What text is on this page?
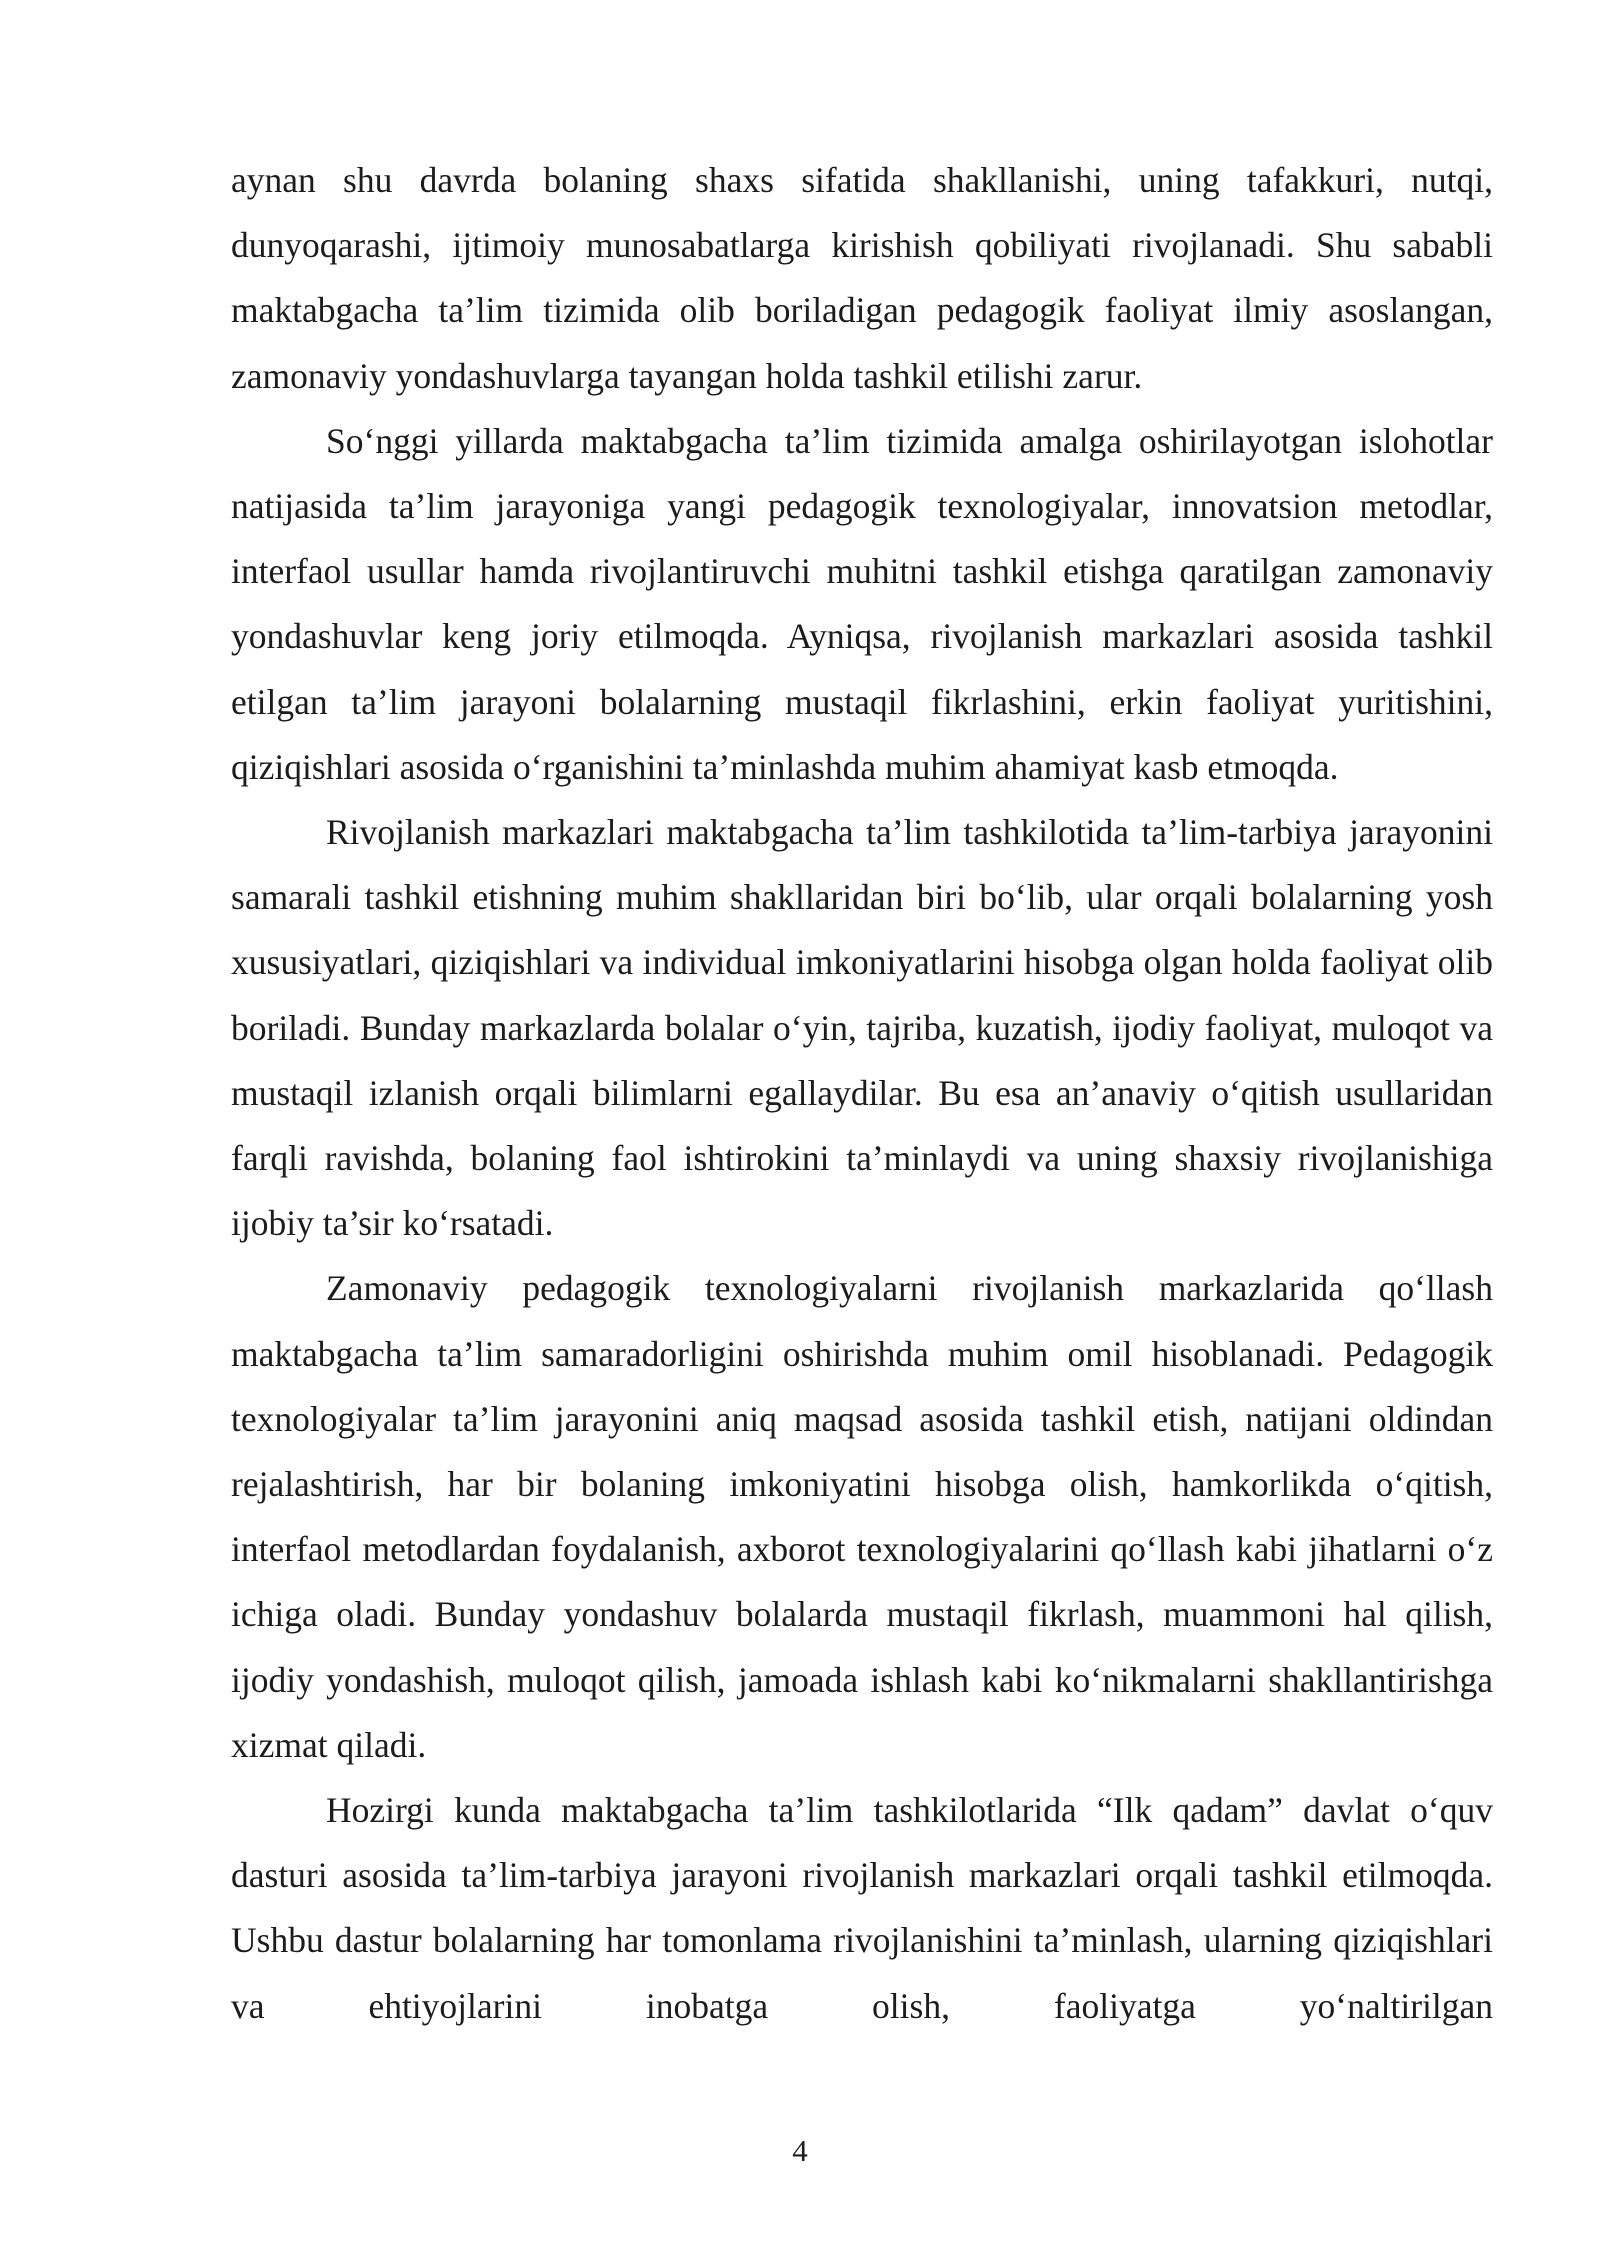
aynan shu davrda bolaning shaxs sifatida shakllanishi, uning tafakkuri, nutqi, dunyoqarashi, ijtimoiy munosabatlarga kirishish qobiliyati rivojlanadi. Shu sababli maktabgacha ta’lim tizimida olib boriladigan pedagogik faoliyat ilmiy asoslangan, zamonaviy yondashuvlarga tayangan holda tashkil etilishi zarur.

So‘nggi yillarda maktabgacha ta’lim tizimida amalga oshirilayotgan islohotlar natijasida ta’lim jarayoniga yangi pedagogik texnologiyalar, innovatsion metodlar, interfaol usullar hamda rivojlantiruvchi muhitni tashkil etishga qaratilgan zamonaviy yondashuvlar keng joriy etilmoqda. Ayniqsa, rivojlanish markazlari asosida tashkil etilgan ta’lim jarayoni bolalarning mustaqil fikrlashini, erkin faoliyat yuritishini, qiziqishlari asosida o‘rganishini ta’minlashda muhim ahamiyat kasb etmoqda.

Rivojlanish markazlari maktabgacha ta’lim tashkilotida ta’lim-tarbiya jarayonini samarali tashkil etishning muhim shakllaridan biri bo‘lib, ular orqali bolalarning yosh xususiyatlari, qiziqishlari va individual imkoniyatlarini hisobga olgan holda faoliyat olib boriladi. Bunday markazlarda bolalar o‘yin, tajriba, kuzatish, ijodiy faoliyat, muloqot va mustaqil izlanish orqali bilimlarni egallaydilar. Bu esa an’anaviy o‘qitish usullaridan farqli ravishda, bolaning faol ishtirokini ta’minlaydi va uning shaxsiy rivojlanishiga ijobiy ta’sir ko‘rsatadi.

Zamonaviy pedagogik texnologiyalarni rivojlanish markazlarida qo‘llash maktabgacha ta’lim samaradorligini oshirishda muhim omil hisoblanadi. Pedagogik texnologiyalar ta’lim jarayonini aniq maqsad asosida tashkil etish, natijani oldindan rejalashtirish, har bir bolaning imkoniyatini hisobga olish, hamkorlikda o‘qitish, interfaol metodlardan foydalanish, axborot texnologiyalarini qo‘llash kabi jihatlarni o‘z ichiga oladi. Bunday yondashuv bolalarda mustaqil fikrlash, muammoni hal qilish, ijodiy yondashish, muloqot qilish, jamoada ishlash kabi ko‘nikmalarni shakllantirishga xizmat qiladi.

Hozirgi kunda maktabgacha ta’lim tashkilotlarida “Ilk qadam” davlat o‘quv dasturi asosida ta’lim-tarbiya jarayoni rivojlanish markazlari orqali tashkil etilmoqda. Ushbu dastur bolalarning har tomonlama rivojlanishini ta’minlash, ularning qiziqishlari va ehtiyojlarini inobatga olish, faoliyatga yo‘naltirilgan

4
